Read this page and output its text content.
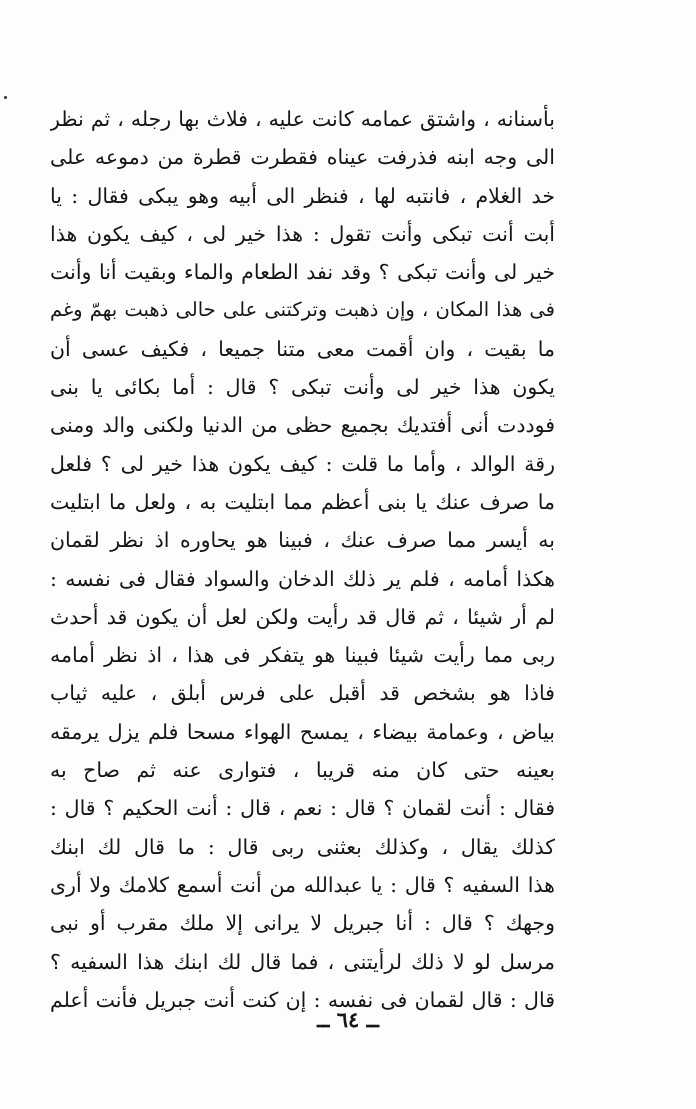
بأسنانه ، واشتق عمامه كانت عليه ، فلاث بها رجله ، ثم نظر
الى وجه ابنه فذرفت عيناه فقطرت قطرة من دموعه على
خد الغلام ، فانتبه لها ، فنظر الى أبيه وهو يبكى فقال : يا
أبت أنت تبكى وأنت تقول : هذا خير لى ، كيف يكون هذا
خير لى وأنت تبكى ؟ وقد نفد الطعام والماء وبقيت أنا وأنت
فى هذا المكان ، وإن ذهبت وتركتنى على حالى ذهبت بهمّ وغم
ما بقيت ، وان أقمت معى متنا جميعا ، فكيف عسى أن
يكون هذا خير لى وأنت تبكى ؟ قال : أما بكائى يا بنى
فوددت أنى أفتديك بجميع حظى من الدنيا ولكنى والد ومنى
رقة الوالد ، وأما ما قلت : كيف يكون هذا خير لى ؟ فلعل
ما صرف عنك يا بنى أعظم مما ابتليت به ، ولعل ما ابتليت
به أيسر مما صرف عنك ، فبينا هو يحاوره اذ نظر لقمان
هكذا أمامه ، فلم ير ذلك الدخان والسواد فقال فى نفسه :
لم أر شيئا ، ثم قال قد رأيت ولكن لعل أن يكون قد أحدث
ربى مما رأيت شيئا فبينا هو يتفكر فى هذا ، اذ نظر أمامه
فاذا هو بشخص قد أقبل على فرس أبلق ، عليه ثياب
بياض ، وعمامة بيضاء ، يمسح الهواء مسحا فلم يزل يرمقه
بعينه حتى كان منه قريبا ، فتوارى عنه ثم صاح به
فقال : أنت لقمان ؟ قال : نعم ، قال : أنت الحكيم ؟ قال :
كذلك يقال ، وكذلك بعثنى ربى قال : ما قال لك ابنك
هذا السفيه ؟ قال : يا عبدالله من أنت أسمع كلامك ولا أرى
وجهك ؟ قال : أنا جبريل لا يرانى إلا ملك مقرب أو نبى
مرسل لو لا ذلك لرأيتنى ، فما قال لك ابنك هذا السفيه ؟
قال : قال لقمان فى نفسه : إن كنت أنت جبريل فأنت أعلم
ــ ٦٤ ــ
